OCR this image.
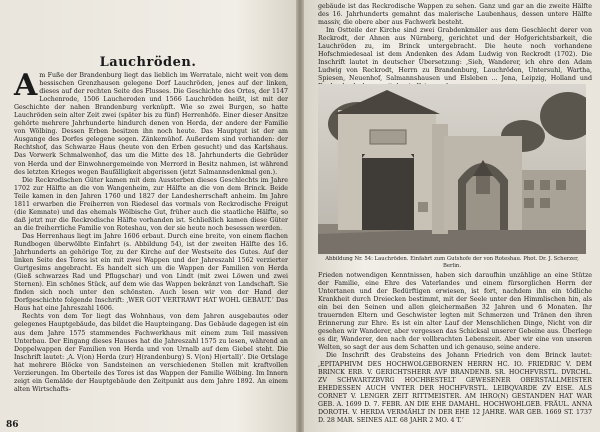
Lauchröden.

Am Fuße der Brandenburg liegt das lieblich im Werratale, nicht weit von dem hessischen Grenzhausen gelegene Dorf Lauchröden, jenes auf der linken, dieses auf der rechten Seite des Flusses. Die Geschichte des Ortes, der 1147 Lochenrode, 1506 Laucheroden und 1566 Lauchröden heißt, ist mit der Geschichte der nahen Brandenburg verknüpft. Wie so zwei Burgen, so hatte Lauchröden sein alter Zeit zwei (später bis zu fünf) Herrenhöfe. Einer dieser Ansitze gehörte mehrere Jahrhunderte hindurch denen von Herda, der andere der Familie von Wölbing. Dessen Erben besitzen ihn noch heute. Das Hauptgut ist der am Ausgange des Dorfes gelegene sogen. Zänkemühof. Außerdem sind vorhanden: der Rechtshof, das Schwarze Haus (heute von den Erben gesucht) und das Karlshaus. Das Vorwerk Schmalwenhof, das um die Mitte des 18. Jahrhunderts die Gebrüder von Herda und der Einwohnergemeinde von Merrord in Besitz nahmen, ist während des letzten Krieges wegen Baufälligkeit abgerissen (jetzt Salmannsdenkmal gen.).

Die Reckrodischen Güter kamen mit dem Aussterben dieses Geschlechts im Jahre 1702 zur Hälfte an die von Wangenheim, zur Hälfte an die von dem Brinck. Beide Teile kamen in den Jahren 1760 und 1827 der Landesherrschaft anheim. Im Jahre 1811 erwarben die Freiherren von Riedesel das vormals von Reckrodische Freigut (die Kemnate) und das ehemals Wölbische Gut, früher auch die staatliche Hälfte, so daß jetzt nur die Reckrodische Hälfte vorhanden ist. Schließlich kamen diese Güter an die freiherrliche Familie von Roteshau, von der sie heute noch besessen werden.

Das Herrenhaus liegt im Jahre 1606 erbaut. Durch eine breite, von einem flachen Rundbogen überwölbte Einfahrt (s. Abbildung 54), ist der zweiten Hälfte des 16. Jahrhunderts an gehörige Tor, zu der Kirche auf der Westseite des Gutes. Auf der linken Seite des Tores ist ein mit zwei Wappen und der Jahreszahl 1562 verzierter Gurtgesims angebracht. Es handelt sich um die Wappen der Familien von Herda (Gieß schwarzes Rad und Pflugschar) und von Lindt (mit zwei Löwen und zwei Sternen). Ein schönes Stück, auf dem wie das Wappen bekränzt von Landschaft. Sie finden sich noch unter den schönsten. Auch lesen wir von der Hand der Dorfgeschichte folgende Inschrift: ‚WER GOT VERTRAWT HAT WOHL GEBAUT.‘ Das Haus hat eine Jahreszahl 1606.

Rechts von dem Tor liegt das Wohnhaus, von dem Jahren ausgebautes oder gelegenes Hauptgebäude, das bildet die Haupteingang. Das Gebäude dagegen ist ein aus dem Jahre 1575 stammendes Fachwerkhaus mit einem zum Teil massiven Unterbau. Der Eingang dieses Hauses hat die Jahreszahl 1575 zu lesen, während an Doppelwappen der Familien von Herda und von Urnalb auf dem Giebel steht. Die Inschrift lautet: ‚A. V(on) Herda (zur) H(randenburg) S. V(on) H(ertall)‘. Die Ortslage hat mehrere Blöcke von Sandsteinen an verschiedenen Stellen mit kraftvollen Verzierungen. Im Oberteile des Tores ist das Wappen der Familie Wölbing. Im Innern zeigt ein Gemälde der Hauptgebäude den Zeitpunkt aus dem Jahre 1892. An einem alten Wirtschafts-

86

gebäude ist das Reckrodische Wappen zu sehen. Ganz und gar an die zweite Hälfte des 16. Jahrhunderts gemahnt das malerische Laubenhaus, dessen untere Hälfte massiv, die obere aber aus Fachwerk besteht.

Im Ostteile der Kirche sind zwei Grabdenkmäler aus dem Geschlecht derer von Reckrodt, der Ahnen aus Nürnberg, gerichtet und der Hofgerichtsbarkeit, die Lauchröden zu, im Brinck untergebracht. Die heute noch vorhandene Hofschmiedesaal ist dem Andenken des Adam Ludwig von Reckrodt (1702). Die Inschrift lautet in deutscher Übersetzung: ‚Sieh, Wanderer, ich ehre den Adam Ludwig von Reckrodt, Herrn zu Brandenburg, Lauchröden, Untersuhl, Wartha, Spiesen, Neuenhof, Salmannshausen und Elsleben ... Jena, Leipzig, Holland und

Abbildung Nr. 54: Lauchröden. Einfahrt zum Gutshofe der von Roteshau. Phot. Dr. J. Scherzer, Berlin.

Frieden notwendigen Kenntnissen, haben sich daraufhin unzählige an eine Stütze der Familie, eine Ehre des Vaterlandes und einem fürsorglichen Herrn der Untertanen und der Bedürftigen erwiesen, ist fort, nachdem ihn ein tödliche Krankheit durch Dreiecken bestimmt, mit der Seele unter den Himmlischen hin, als ein bei den Seinen und allen gleichermaßen 32 Jahren und 6 Monaten. Ihr trauernden Eltern und Geschwister legten mit Schmerzen und Tränen den ihren Erinnerung zur Ehre. Es ist ein alter Lauf der Menschlichen Dinge, Nicht von dir gesehen wir Wanderer, aber vergessen das Schicksal unserer Gebeine aus. Überlege es dir, Wanderer, den nach der vollbrachten Lebenszeit. Aber wir eine von unseren Welten, so sagt der aus dem Schatten und ich genauso, seine andere.

Die Inschrift des Grabsteins des Johann Friedrich von dem Brinck lautet: ‚EPITAPHIVM DES HOCHWOLGEBORNEN HERRN HC. IO. FRIEDRIC V. DEM BRINCK ERB. V. GERICHTSHERR AVF BRANDENB. SR. HOCHFVRSTL. DVRCHL. ZV SCHWARTZBVRG HOCHBESTELT GEWESENER OBERSTALLMEISTER EHEDESSEN AUCH VNTER DER HOCHFVRSTL. LEIBQVARDE ZV EISE. ALS CORNET V. LENGER ZEIT RITTMEISTER. AM IHRO(N) GESTANDEN HAT WAR GEB. A. 1699 D. 7. FEBR. AN DIE EHE DAMAHL. HOCHWOHLGEB. FRÄUL. ANNA DOROTH. V. HERDA VERMÄHLT IN DER EHE 12 JAHRE. WAR GEB. 1669 ST. 1737 D. 28 MAR. SEINES ALT. 68 JAHR 2 MO. 4 T.‘
